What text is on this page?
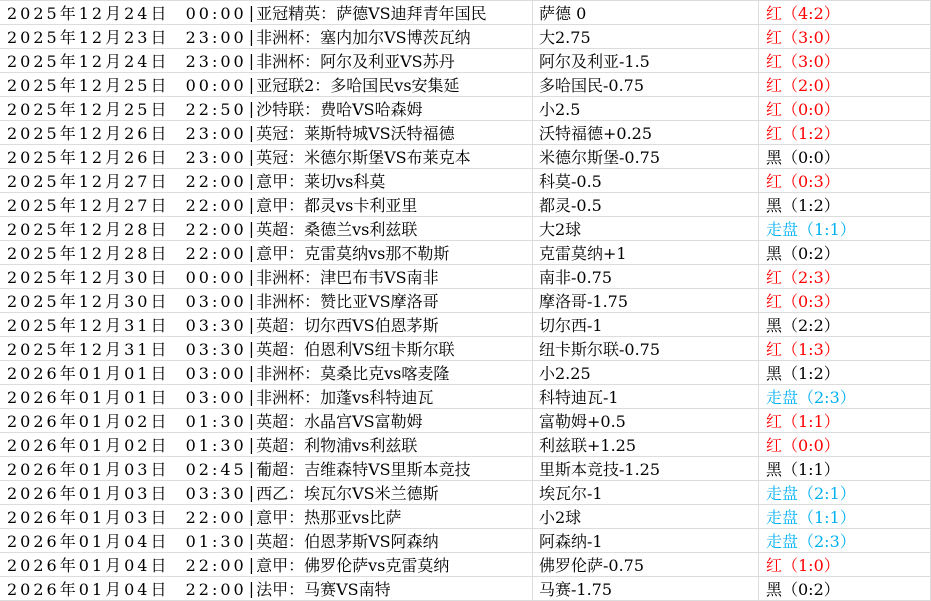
2025年12月24日  00:00 | 亚冠精英：萨德VS迪拜青年国民	萨德 0	红（4:2）
2025年12月23日  23:00 | 非洲杯：塞内加尔VS博茨瓦纳	大2.75	红（3:0）
2025年12月24日  23:00 | 非洲杯：阿尔及利亚VS苏丹	阿尔及利亚-1.5	红（3:0）
2025年12月25日  00:00 | 亚冠联2：多哈国民vs安集延	多哈国民-0.75	红（2:0）
2025年12月25日  22:50 | 沙特联：费哈VS哈森姆	小2.5	红（0:0）
2025年12月26日  23:00 | 英冠：莱斯特城VS沃特福德	沃特福德+0.25	红（1:2）
2025年12月26日  23:00 | 英冠：米德尔斯堡VS布莱克本	米德尔斯堡-0.75	黑（0:0）
2025年12月27日  22:00 | 意甲：莱切vs科莫	科莫-0.5	红（0:3）
2025年12月27日  22:00 | 意甲：都灵vs卡利亚里	都灵-0.5	黑（1:2）
2025年12月28日  22:00 | 英超：桑德兰vs利兹联	大2球	走盘（1:1）
2025年12月28日  22:00 | 意甲：克雷莫纳vs那不勒斯	克雷莫纳+1	黑（0:2）
2025年12月30日  00:00 | 非洲杯：津巴布韦VS南非	南非-0.75	红（2:3）
2025年12月30日  03:00 | 非洲杯：赞比亚VS摩洛哥	摩洛哥-1.75	红（0:3）
2025年12月31日  03:30 | 英超：切尔西VS伯恩茅斯	切尔西-1	黑（2:2）
2025年12月31日  03:30 | 英超：伯恩利VS纽卡斯尔联	纽卡斯尔联-0.75	红（1:3）
2026年01月01日  03:00 | 非洲杯：莫桑比克vs喀麦隆	小2.25	黑（1:2）
2026年01月01日  03:00 | 非洲杯：加蓬vs科特迪瓦	科特迪瓦-1	走盘（2:3）
2026年01月02日  01:30 | 英超：水晶宫VS富勒姆	富勒姆+0.5	红（1:1）
2026年01月02日  01:30 | 英超：利物浦vs利兹联	利兹联+1.25	红（0:0）
2026年01月03日  02:45 | 葡超：吉维森特VS里斯本竞技	里斯本竞技-1.25	黑（1:1）
2026年01月03日  03:30 | 西乙：埃瓦尔VS米兰德斯	埃瓦尔-1	走盘（2:1）
2026年01月03日  22:00 | 意甲：热那亚vs比萨	小2球	走盘（1:1）
2026年01月04日  01:30 | 英超：伯恩茅斯VS阿森纳	阿森纳-1	走盘（2:3）
2026年01月04日  22:00 | 意甲：佛罗伦萨vs克雷莫纳	佛罗伦萨-0.75	红（1:0）
2026年01月04日  22:00 | 法甲：马赛VS南特	马赛-1.75	黑（0:2）
